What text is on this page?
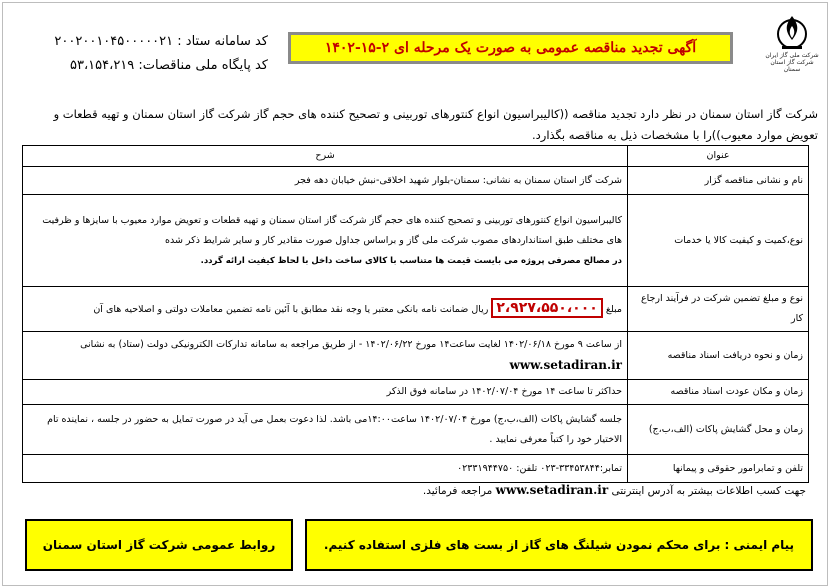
شرکت ملی گاز ایران
شرکت گاز استان سمنان
آگهی تجدید مناقصه عمومی به صورت یک مرحله ای ۲-۱۵-۱۴۰۲
کد سامانه ستاد : ۲۰۰۲۰۰۱۰۴۵۰۰۰۰۰۲۱
کد پایگاه ملی مناقصات: ۵۳،۱۵۴،۲۱۹
شرکت گاز استان سمنان در نظر دارد تجدید مناقصه ((کالیبراسیون انواع کنتورهای توربینی و تصحیح کننده های حجم گاز شرکت گاز استان سمنان و تهیه قطعات و تعویض موارد معیوب))را با مشخصات ذیل به مناقصه بگذارد.
عنوان	شرح
نام و نشانی مناقصه گزار	شرکت گاز استان سمنان به نشانی: سمنان-بلوار شهید اخلاقی-نبش خیابان دهه فجر
نوع،کمیت و کیفیت کالا یا خدمات	کالیبراسیون انواع کنتورهای توربینی و تصحیح کننده های حجم گاز شرکت گاز استان سمنان و تهیه قطعات و تعویض موارد معیوب با سایزها و ظرفیت های مختلف طبق استانداردهای مصوب شرکت ملی گاز و براساس جداول صورت مقادیر کار و سایر شرایط ذکر شده
در مصالح مصرفی پروژه می بایست قیمت ها متناسب با کالای ساخت داخل با لحاظ کیفیت ارائه گردد.

نوع و مبلغ تضمین شرکت در فرآیند ارجاع کار	مبلغ ۲،۹۲۷،۵۵۰،۰۰۰ ریال ضمانت نامه بانکی معتبر یا وجه نقد مطابق با آئین نامه تضمین معاملات دولتی و اصلاحیه های آن
زمان و نحوه دریافت اسناد مناقصه	از ساعت ۹ مورخ ۱۴۰۲/۰۶/۱۸ لغایت ساعت۱۴ مورخ ۱۴۰۲/۰۶/۲۲ - از طریق مراجعه به سامانه تدارکات الکترونیکی دولت (ستاد) به نشانی www.setadiran.ir
زمان و مکان عودت اسناد مناقصه	حداکثر تا ساعت ۱۴ مورخ ۱۴۰۲/۰۷/۰۴ در سامانه فوق الذکر
زمان و محل گشایش پاکات (الف،ب،ج)	جلسه گشایش پاکات (الف،ب،ج) مورخ ۱۴۰۲/۰۷/۰۴ ساعت۱۴:۰۰می باشد. لذا دعوت بعمل می آید در صورت تمایل به حضور در جلسه ، نماینده تام الاختیار خود را کتباً معرفی نمایید .
تلفن و تمابرامور حقوقی و پیمانها	تمابر:۳۳۴۵۳۸۴۴-۰۲۳ تلفن: ۰۲۳۳۱۹۴۴۷۵۰
جهت کسب اطلاعات بیشتر به آدرس اینترنتی www.setadiran.ir مراجعه فرمائید.
پیام ایمنی : برای محکم نمودن شیلنگ های گاز از بست های فلزی استفاده کنیم.
روابط عمومی شرکت گاز استان سمنان
